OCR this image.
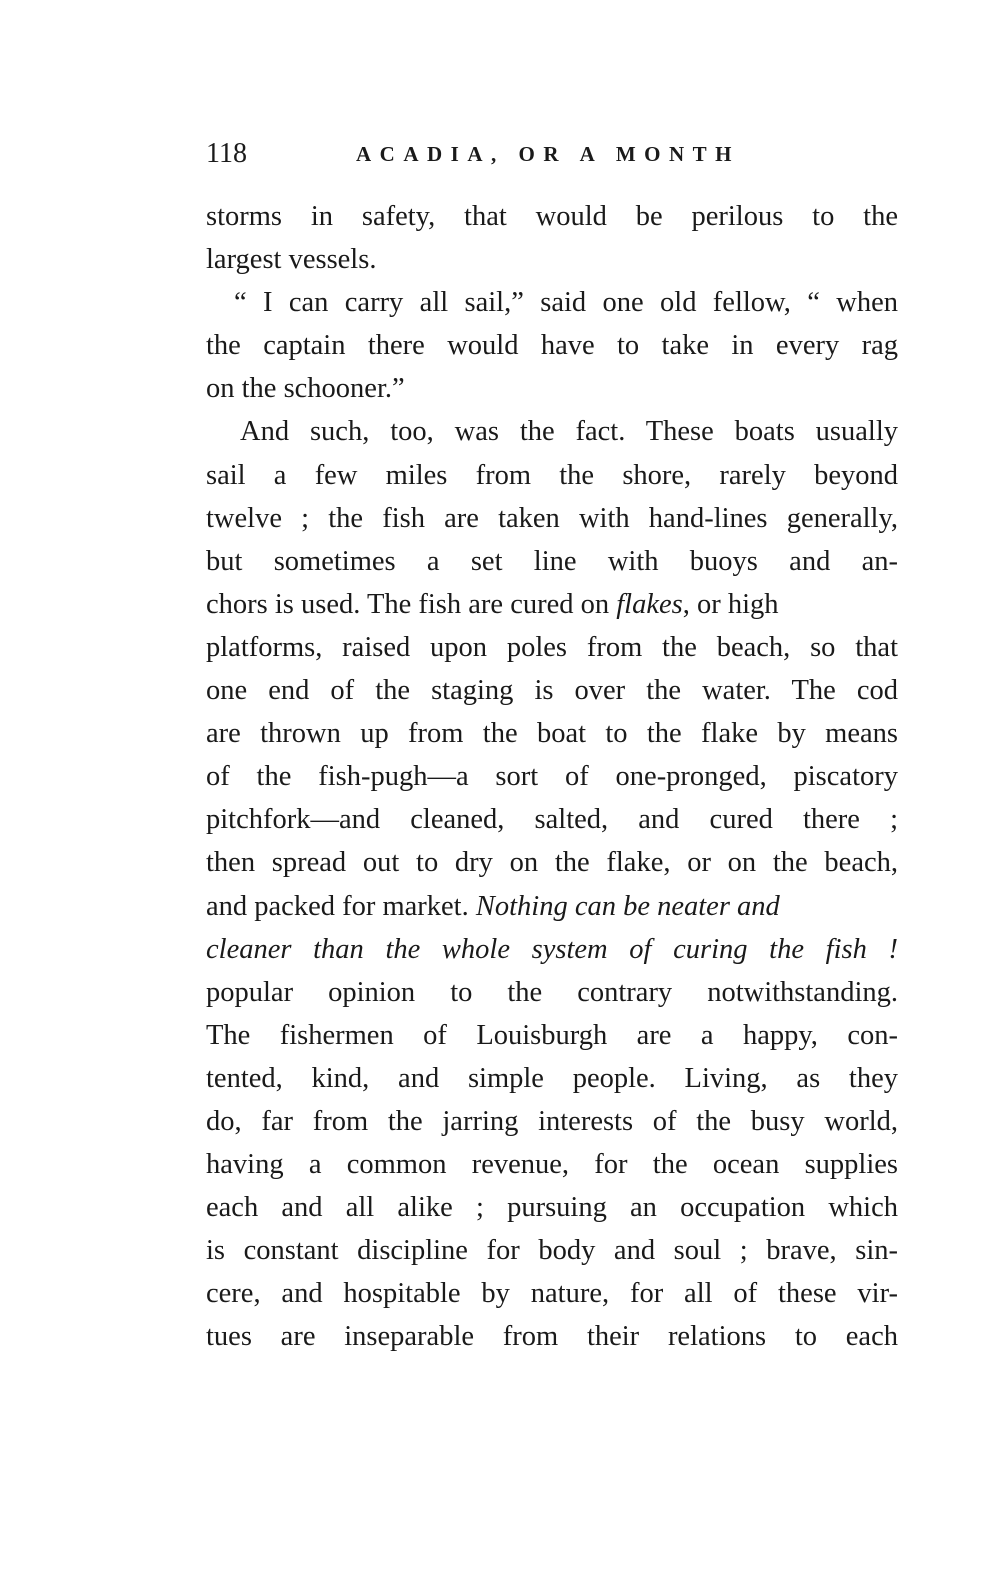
118	ACADIA, OR A MONTH
storms in safety, that would be perilous to the
largest vessels.
“ I can carry all sail,” said one old fellow, “ when
the captain there would have to take in every rag
on the schooner.”
And such, too, was the fact. These boats usually
sail a few miles from the shore, rarely beyond
twelve ; the fish are taken with hand-lines generally,
but sometimes a set line with buoys and an-
chors is used. The fish are cured on flakes, or high
platforms, raised upon poles from the beach, so that
one end of the staging is over the water. The cod
are thrown up from the boat to the flake by means
of the fish-pugh—a sort of one-pronged, piscatory
pitchfork—and cleaned, salted, and cured there ;
then spread out to dry on the flake, or on the beach,
and packed for market. Nothing can be neater and
cleaner than the whole system of curing the fish !
popular opinion to the contrary notwithstanding.
The fishermen of Louisburgh are a happy, con-
tented, kind, and simple people. Living, as they
do, far from the jarring interests of the busy world,
having a common revenue, for the ocean supplies
each and all alike ; pursuing an occupation which
is constant discipline for body and soul ; brave, sin-
cere, and hospitable by nature, for all of these vir-
tues are inseparable from their relations to each
